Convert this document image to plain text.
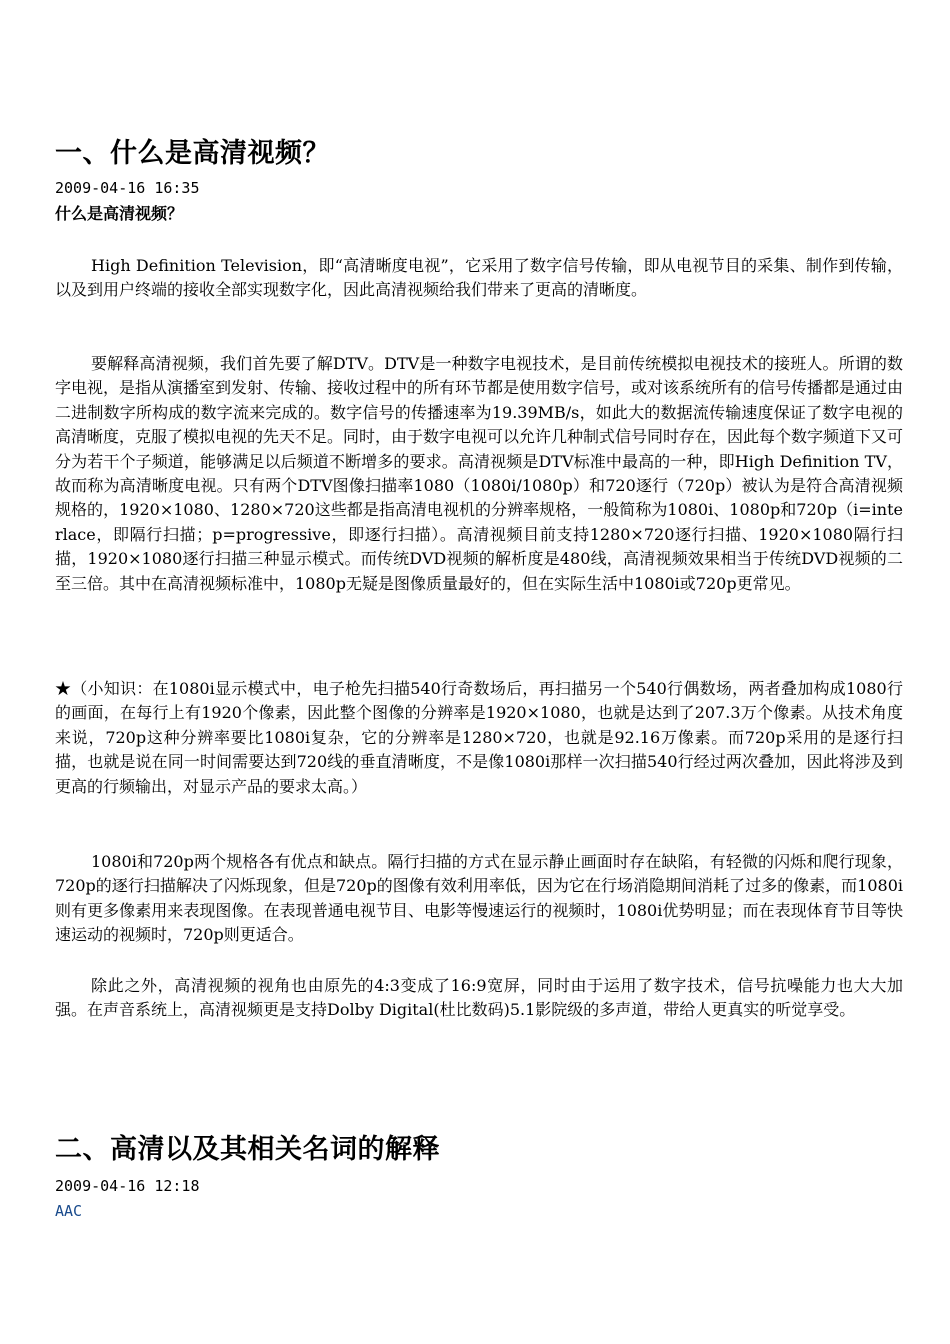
一、什么是高清视频？
2009-04-16 16:35
什么是高清视频？

High Definition Television，即“高清晰度电视”，它采用了数字信号传输，即从电视节目的采集、制作到传输，以及到用户终端的接收全部实现数字化，因此高清视频给我们带来了更高的清晰度。

要解释高清视频，我们首先要了解DTV。DTV是一种数字电视技术，是目前传统模拟电视技术的接班人。所谓的数字电视，是指从演播室到发射、传输、接收过程中的所有环节都是使用数字信号，或对该系统所有的信号传播都是通过由二进制数字所构成的数字流来完成的。数字信号的传播速率为19.39MB/s，如此大的数据流传输速度保证了数字电视的高清晰度，克服了模拟电视的先天不足。同时，由于数字电视可以允许几种制式信号同时存在，因此每个数字频道下又可分为若干个子频道，能够满足以后频道不断增多的要求。高清视频是DTV标准中最高的一种，即High Definition TV，故而称为高清晰度电视。只有两个DTV图像扫描率1080（1080i/1080p）和720逐行（720p）被认为是符合高清视频规格的，1920×1080、1280×720这些都是指高清电视机的分辨率规格，一般简称为1080i、1080p和720p（i=interlace，即隔行扫描；p=progressive，即逐行扫描）。高清视频目前支持1280×720逐行扫描、1920×1080隔行扫描，1920×1080逐行扫描三种显示模式。而传统DVD视频的解析度是480线，高清视频效果相当于传统DVD视频的二至三倍。其中在高清视频标准中，1080p无疑是图像质量最好的，但在实际生活中1080i或720p更常见。

★（小知识：在1080i显示模式中，电子枪先扫描540行奇数场后，再扫描另一个540行偶数场，两者叠加构成1080行的画面，在每行上有1920个像素，因此整个图像的分辨率是1920×1080，也就是达到了207.3万个像素。从技术角度来说，720p这种分辨率要比1080i复杂，它的分辨率是1280×720，也就是92.16万像素。而720p采用的是逐行扫描，也就是说在同一时间需要达到720线的垂直清晰度，不是像1080i那样一次扫描540行经过两次叠加，因此将涉及到更高的行频输出，对显示产品的要求太高。）

1080i和720p两个规格各有优点和缺点。隔行扫描的方式在显示静止画面时存在缺陷，有轻微的闪烁和爬行现象，720p的逐行扫描解决了闪烁现象，但是720p的图像有效利用率低，因为它在行场消隐期间消耗了过多的像素，而1080i则有更多像素用来表现图像。在表现普通电视节目、电影等慢速运行的视频时，1080i优势明显；而在表现体育节目等快速运动的视频时，720p则更适合。

除此之外，高清视频的视角也由原先的4:3变成了16:9宽屏，同时由于运用了数字技术，信号抗噪能力也大大加强。在声音系统上，高清视频更是支持Dolby Digital(杜比数码)5.1影院级的多声道，带给人更真实的听觉享受。

二、高清以及其相关名词的解释
2009-04-16 12:18
AAC
